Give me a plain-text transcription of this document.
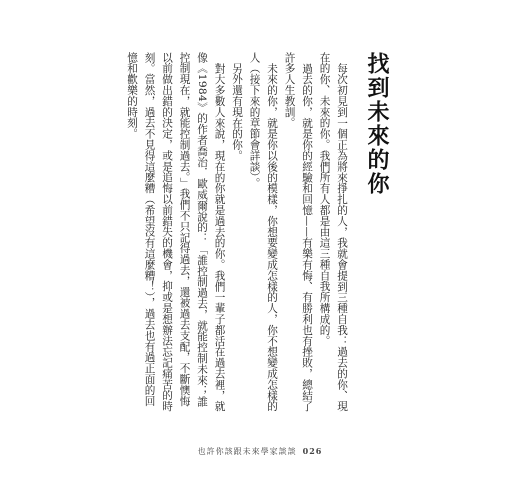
找到未來的你

每次初見到一個正為將來掙扎的人，我就會提到三種自我：過去的你、現在的你、未來的你。我們所有人都是由這三種自我所構成的。

過去的你，就是你的經驗和回憶——有樂有悔、有勝利也有挫敗，總結了許多人生教訓。

未來的你，就是你以後的模樣，你想要變成怎樣的人，你不想變成怎樣的人（接下來的章節會詳談）。

另外還有現在的你。

對大多數人來說，現在的你就是過去的你。我們一輩子都活在過去裡，就像《1984》的作者喬治．歐威爾說的：「誰控制過去，就能控制未來；誰控制現在，就能控制過去。」我們不只記得過去，還被過去支配，不斷懊悔以前做出錯的決定，或是追悔以前錯失的機會，抑或是想辦法忘記痛苦的時刻。當然，過去不見得這麼糟（希望沒有這麼糟！），過去也有過正面的回憶和歡樂的時刻。

也許你該跟未來學家談談 026
